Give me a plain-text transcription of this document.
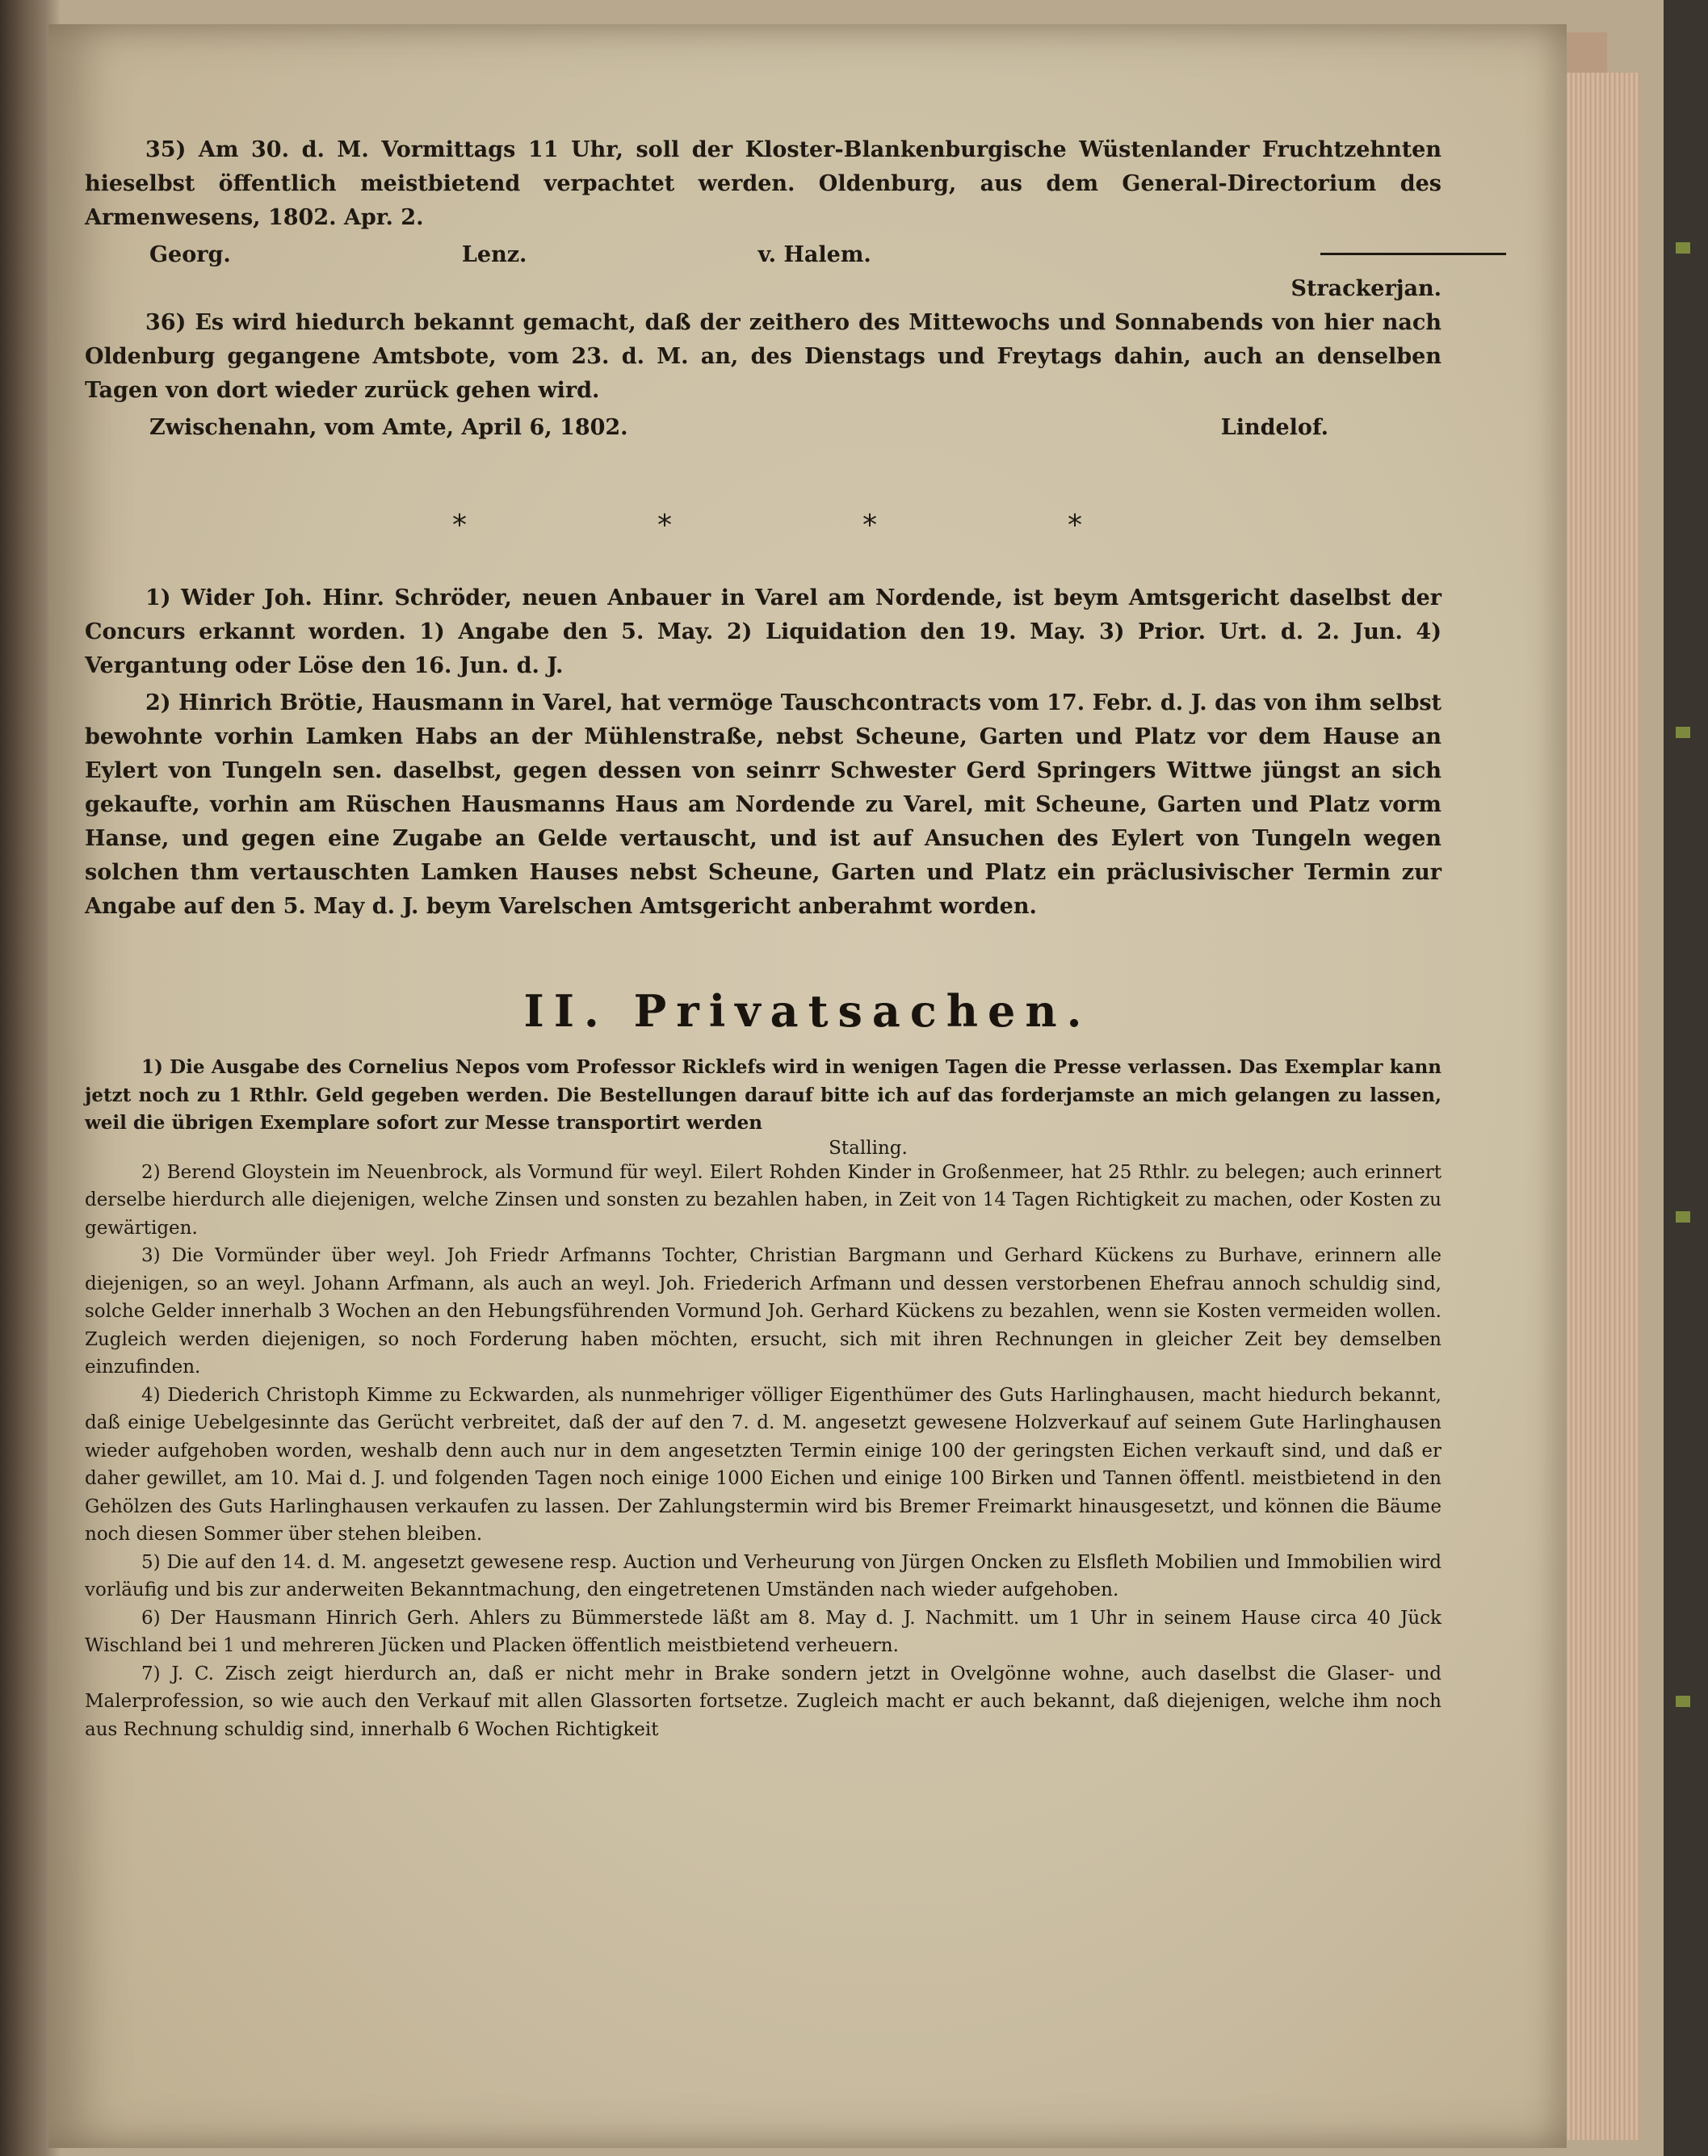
35) Am 30. d. M. Vormittags 11 Uhr, soll der Kloster-Blankenburgische Wüstenlander Fruchtzehnten hieselbst öffentlich meistbietend verpachtet werden. Oldenburg, aus dem General-Directorium des Armenwesens, 1802. Apr. 2.

Georg.	Lenz.	v. Halem.
Strackerjan.

36) Es wird hiedurch bekannt gemacht, daß der zeithero des Mittewochs und Sonnabends von hier nach Oldenburg gegangene Amtsbote, vom 23. d. M. an, des Dienstags und Freytags dahin, auch an denselben Tagen von dort wieder zurück gehen wird.

Zwischenahn, vom Amte, April 6, 1802.	Lindelof.
*	*	*	*

1) Wider Joh. Hinr. Schröder, neuen Anbauer in Varel am Nordende, ist beym Amtsgericht daselbst der Concurs erkannt worden. 1) Angabe den 5. May. 2) Liquidation den 19. May. 3) Prior. Urt. d. 2. Jun. 4) Vergantung oder Löse den 16. Jun. d. J.

2) Hinrich Brötie, Hausmann in Varel, hat vermöge Tauschcontracts vom 17. Febr. d. J. das von ihm selbst bewohnte vorhin Lamken Habs an der Mühlenstraße, nebst Scheune, Garten und Platz vor dem Hause an Eylert von Tungeln sen. daselbst, gegen dessen von seinrr Schwester Gerd Springers Wittwe jüngst an sich gekaufte, vorhin am Rüschen Hausmanns Haus am Nordende zu Varel, mit Scheune, Garten und Platz vorm Hanse, und gegen eine Zugabe an Gelde vertauscht, und ist auf Ansuchen des Eylert von Tungeln wegen solchen thm vertauschten Lamken Hauses nebst Scheune, Garten und Platz ein präclusivischer Termin zur Angabe auf den 5. May d. J. beym Varelschen Amtsgericht anberahmt worden.

II. Privatsachen.

1) Die Ausgabe des Cornelius Nepos vom Professor Ricklefs wird in wenigen Tagen die Presse verlassen. Das Exemplar kann jetzt noch zu 1 Rthlr. Geld gegeben werden. Die Bestellungen darauf bitte ich auf das forderjamste an mich gelangen zu lassen, weil die übrigen Exemplare sofort zur Messe transportirt werden

Stalling.

2) Berend Gloystein im Neuenbrock, als Vormund für weyl. Eilert Rohden Kinder in Großenmeer, hat 25 Rthlr. zu belegen; auch erinnert derselbe hierdurch alle diejenigen, welche Zinsen und sonsten zu bezahlen haben, in Zeit von 14 Tagen Richtigkeit zu machen, oder Kosten zu gewärtigen.

3) Die Vormünder über weyl. Joh Friedr Arfmanns Tochter, Christian Bargmann und Gerhard Kückens zu Burhave, erinnern alle diejenigen, so an weyl. Johann Arfmann, als auch an weyl. Joh. Friederich Arfmann und dessen verstorbenen Ehefrau annoch schuldig sind, solche Gelder innerhalb 3 Wochen an den Hebungsführenden Vormund Joh. Gerhard Kückens zu bezahlen, wenn sie Kosten vermeiden wollen. Zugleich werden diejenigen, so noch Forderung haben möchten, ersucht, sich mit ihren Rechnungen in gleicher Zeit bey demselben einzufinden.

4) Diederich Christoph Kimme zu Eckwarden, als nunmehriger völliger Eigenthümer des Guts Harlinghausen, macht hiedurch bekannt, daß einige Uebelgesinnte das Gerücht verbreitet, daß der auf den 7. d. M. angesetzt gewesene Holzverkauf auf seinem Gute Harlinghausen wieder aufgehoben worden, weshalb denn auch nur in dem angesetzten Termin einige 100 der geringsten Eichen verkauft sind, und daß er daher gewillet, am 10. Mai d. J. und folgenden Tagen noch einige 1000 Eichen und einige 100 Birken und Tannen öffentl. meistbietend in den Gehölzen des Guts Harlinghausen verkaufen zu lassen. Der Zahlungstermin wird bis Bremer Freimarkt hinausgesetzt, und können die Bäume noch diesen Sommer über stehen bleiben.

5) Die auf den 14. d. M. angesetzt gewesene resp. Auction und Verheurung von Jürgen Oncken zu Elsfleth Mobilien und Immobilien wird vorläufig und bis zur anderweiten Bekanntmachung, den eingetretenen Umständen nach wieder aufgehoben.

6) Der Hausmann Hinrich Gerh. Ahlers zu Bümmerstede läßt am 8. May d. J. Nachmitt. um 1 Uhr in seinem Hause circa 40 Jück Wischland bei 1 und mehreren Jücken und Placken öffentlich meistbietend verheuern.

7) J. C. Zisch zeigt hierdurch an, daß er nicht mehr in Brake sondern jetzt in Ovelgönne wohne, auch daselbst die Glaser- und Malerprofession, so wie auch den Verkauf mit allen Glassorten fortsetze. Zugleich macht er auch bekannt, daß diejenigen, welche ihm noch aus Rechnung schuldig sind, innerhalb 6 Wochen Richtigkeit
